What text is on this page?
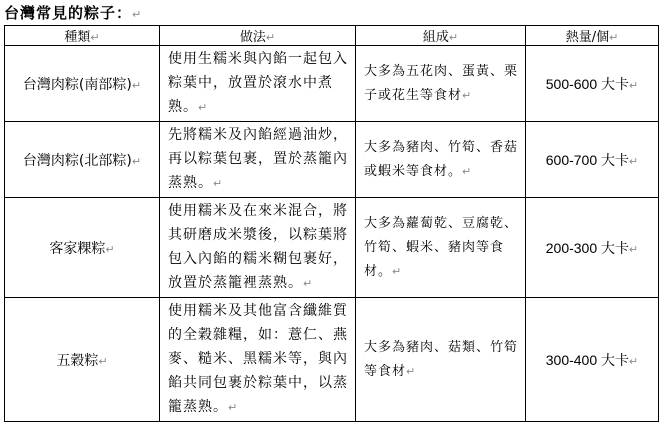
台灣常見的粽子：↵
種類↵	做法↵	組成↵	熱量/個↵
台灣肉粽(南部粽)↵	使用生糯米與內餡一起包入粽葉中，放置於滾水中煮熟。↵	大多為五花肉、蛋黃、栗子或花生等食材↵	500-600 大卡↵
台灣肉粽(北部粽)↵	先將糯米及內餡經過油炒，再以粽葉包裹，置於蒸籠內蒸熟。↵	大多為豬肉、竹筍、香菇或蝦米等食材。↵	600-700 大卡↵
客家粿粽↵	使用糯米及在來米混合，將其研磨成米漿後，以粽葉將包入內餡的糯米糊包裹好，放置於蒸籠裡蒸熟。↵	大多為蘿蔔乾、豆腐乾、竹筍、蝦米、豬肉等食材。↵	200-300 大卡↵
五穀粽↵	使用糯米及其他富含纖維質的全穀雜糧，如：薏仁、燕麥、糙米、黑糯米等，與內餡共同包裹於粽葉中，以蒸籠蒸熟。↵	大多為豬肉、菇類、竹筍等食材↵	300-400 大卡↵
